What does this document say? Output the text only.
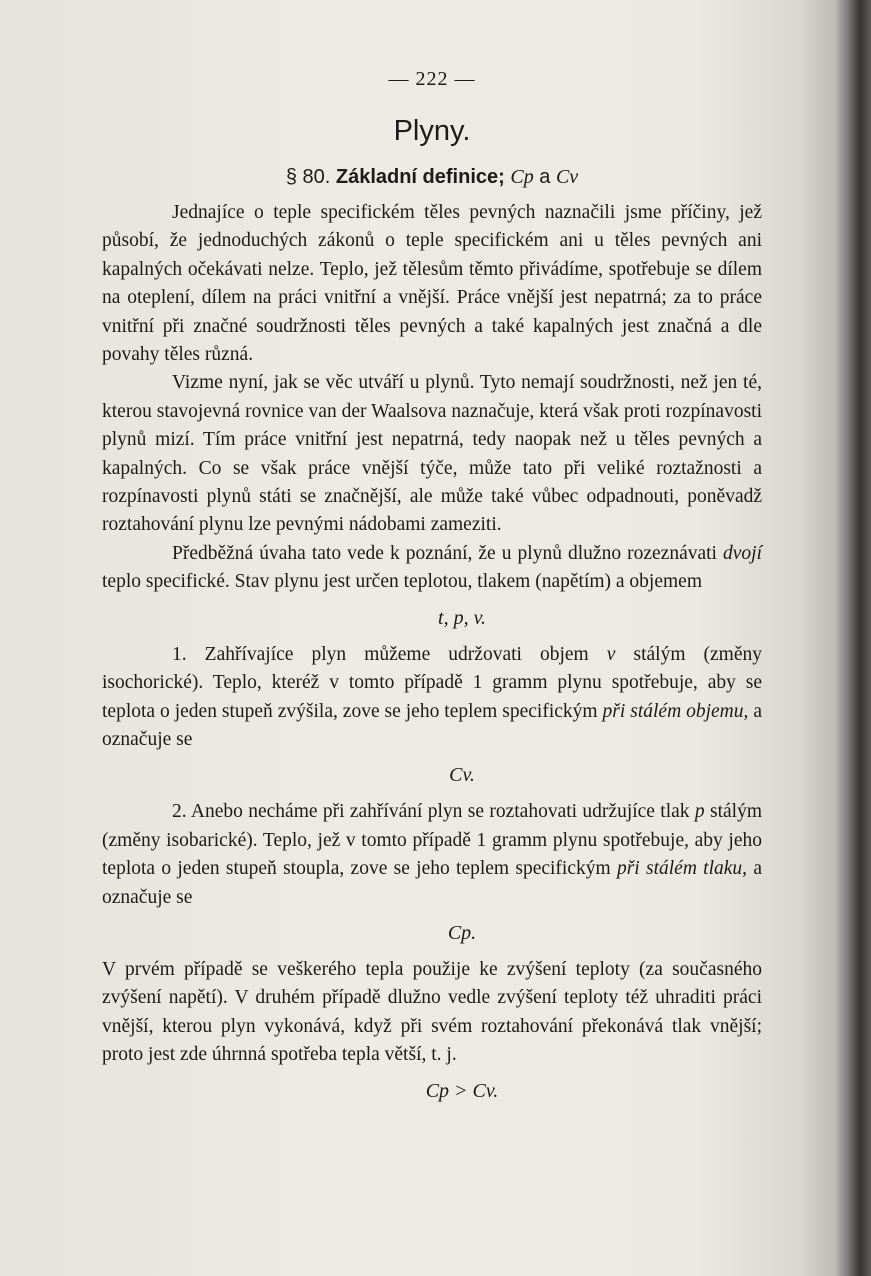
— 222 —
Plyny.
§ 80. Základní definice; Cp a Cv

Jednajíce o teple specifickém těles pevných naznačili jsme příčiny, jež působí, že jednoduchých zákonů o teple specifickém ani u těles pevných ani kapalných očekávati nelze. Teplo, jež tělesům těmto přivádíme, spotřebuje se dílem na oteplení, dílem na práci vnitřní a vnější. Práce vnější jest nepatrná; za to práce vnitřní při značné soudržnosti těles pevných a také kapalných jest značná a dle povahy těles různá.

Vizme nyní, jak se věc utváří u plynů. Tyto nemají soudržnosti, než jen té, kterou stavojevná rovnice van der Waalsova naznačuje, která však proti rozpínavosti plynů mizí. Tím práce vnitřní jest nepatrná, tedy naopak než u těles pevných a kapalných. Co se však práce vnější týče, může tato při veliké roztažnosti a rozpínavosti plynů státi se značnější, ale může také vůbec odpadnouti, poněvadž roztahování plynu lze pevnými nádobami zameziti.

Předběžná úvaha tato vede k poznání, že u plynů dlužno rozeznávati dvojí teplo specifické. Stav plynu jest určen teplotou, tlakem (napětím) a objemem

t, p, v.

1. Zahřívajíce plyn můžeme udržovati objem v stálým (změny isochorické). Teplo, kteréž v tomto případě 1 gramm plynu spotřebuje, aby se teplota o jeden stupeň zvýšila, zove se jeho teplem specifickým při stálém objemu, a označuje se

Cv.

2. Anebo necháme při zahřívání plyn se roztahovati udržujíce tlak p stálým (změny isobarické). Teplo, jež v tomto případě 1 gramm plynu spotřebuje, aby jeho teplota o jeden stupeň stoupla, zove se jeho teplem specifickým při stálém tlaku, a označuje se

Cp.

V prvém případě se veškerého tepla použije ke zvýšení teploty (za současného zvýšení napětí). V druhém případě dlužno vedle zvýšení teploty též uhraditi práci vnější, kterou plyn vykonává, když při svém roztahování překonává tlak vnější; proto jest zde úhrnná spotřeba tepla větší, t. j.

Cp > Cv.
